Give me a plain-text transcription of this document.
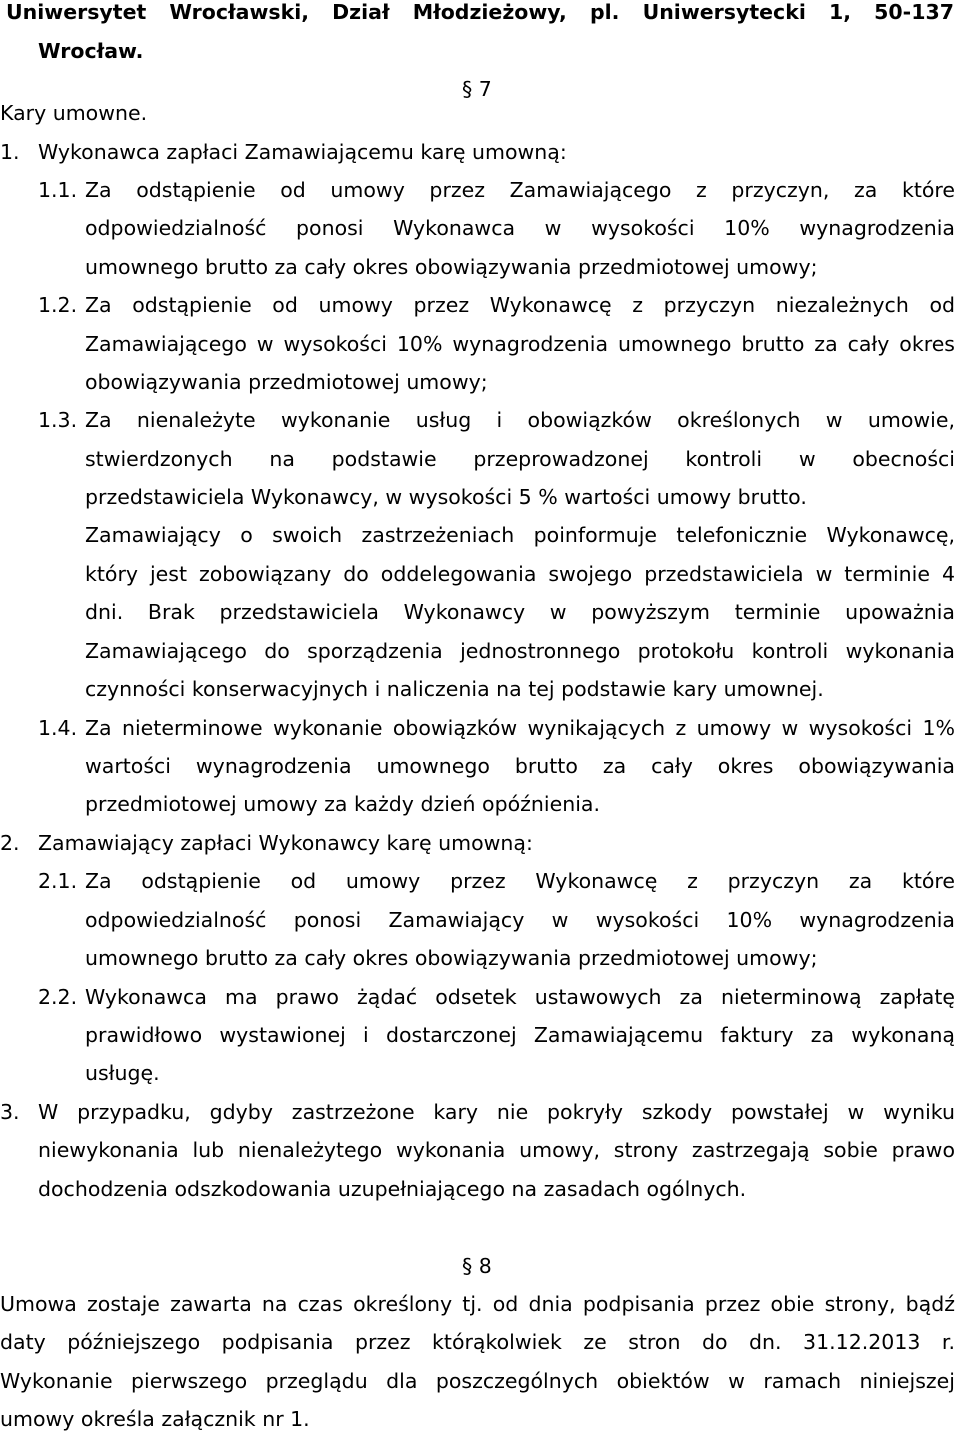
Uniwersytet Wrocławski, Dział Młodzieżowy, pl. Uniwersytecki 1, 50-137
Wrocław.
§ 7
Kary umowne.
1. Wykonawca zapłaci Zamawiającemu karę umowną:
1.1. Za odstąpienie od umowy przez Zamawiającego z przyczyn, za które
odpowiedzialność ponosi Wykonawca w wysokości 10% wynagrodzenia
umownego brutto za cały okres obowiązywania przedmiotowej umowy;
1.2. Za odstąpienie od umowy przez Wykonawcę z przyczyn niezależnych od
Zamawiającego w wysokości 10% wynagrodzenia umownego brutto za cały okres
obowiązywania przedmiotowej umowy;
1.3. Za nienależyte wykonanie usług i obowiązków określonych w umowie,
stwierdzonych na podstawie przeprowadzonej kontroli w obecności
przedstawiciela Wykonawcy, w wysokości 5 % wartości umowy brutto.
Zamawiający o swoich zastrzeżeniach poinformuje telefonicznie Wykonawcę,
który jest zobowiązany do oddelegowania swojego przedstawiciela w terminie 4
dni. Brak przedstawiciela Wykonawcy w powyższym terminie upoważnia
Zamawiającego do sporządzenia jednostronnego protokołu kontroli wykonania
czynności konserwacyjnych i naliczenia na tej podstawie kary umownej.
1.4. Za nieterminowe wykonanie obowiązków wynikających z umowy w wysokości 1%
wartości wynagrodzenia umownego brutto za cały okres obowiązywania
przedmiotowej umowy za każdy dzień opóźnienia.
2. Zamawiający zapłaci Wykonawcy karę umowną:
2.1. Za odstąpienie od umowy przez Wykonawcę z przyczyn za które
odpowiedzialność ponosi Zamawiający w wysokości 10% wynagrodzenia
umownego brutto za cały okres obowiązywania przedmiotowej umowy;
2.2. Wykonawca ma prawo żądać odsetek ustawowych za nieterminową zapłatę
prawidłowo wystawionej i dostarczonej Zamawiającemu faktury za wykonaną
usługę.
3. W przypadku, gdyby zastrzeżone kary nie pokryły szkody powstałej w wyniku
niewykonania lub nienależytego wykonania umowy, strony zastrzegają sobie prawo
dochodzenia odszkodowania uzupełniającego na zasadach ogólnych.
§ 8
Umowa zostaje zawarta na czas określony tj. od dnia podpisania przez obie strony, bądź
daty późniejszego podpisania przez którąkolwiek ze stron do dn. 31.12.2013 r.
Wykonanie pierwszego przeglądu dla poszczególnych obiektów w ramach niniejszej
umowy określa załącznik nr 1.
